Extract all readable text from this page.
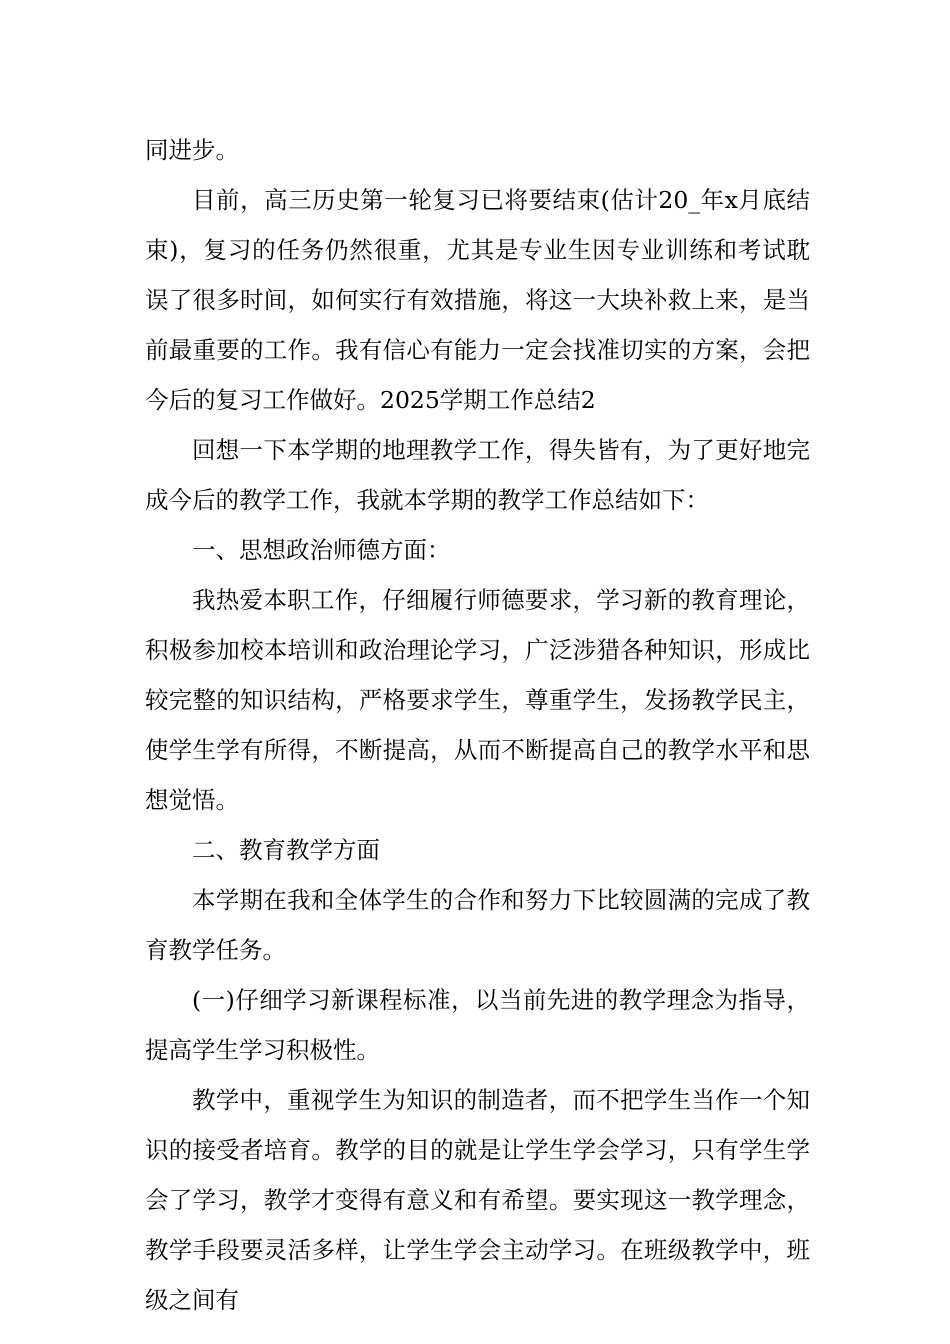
同进步。

目前，高三历史第一轮复习已将要结束(估计20_年x月底结束)，复习的任务仍然很重，尤其是专业生因专业训练和考试耽误了很多时间，如何实行有效措施，将这一大块补救上来，是当前最重要的工作。我有信心有能力一定会找准切实的方案，会把今后的复习工作做好。2025学期工作总结2

回想一下本学期的地理教学工作，得失皆有，为了更好地完成今后的教学工作，我就本学期的教学工作总结如下：

一、思想政治师德方面：

我热爱本职工作，仔细履行师德要求，学习新的教育理论，积极参加校本培训和政治理论学习，广泛涉猎各种知识，形成比较完整的知识结构，严格要求学生，尊重学生，发扬教学民主，使学生学有所得，不断提高，从而不断提高自己的教学水平和思想觉悟。

二、教育教学方面

本学期在我和全体学生的合作和努力下比较圆满的完成了教育教学任务。

(一)仔细学习新课程标准，以当前先进的教学理念为指导，提高学生学习积极性。

教学中，重视学生为知识的制造者，而不把学生当作一个知识的接受者培育。教学的目的就是让学生学会学习，只有学生学会了学习，教学才变得有意义和有希望。要实现这一教学理念，教学手段要灵活多样，让学生学会主动学习。在班级教学中，班级之间有
